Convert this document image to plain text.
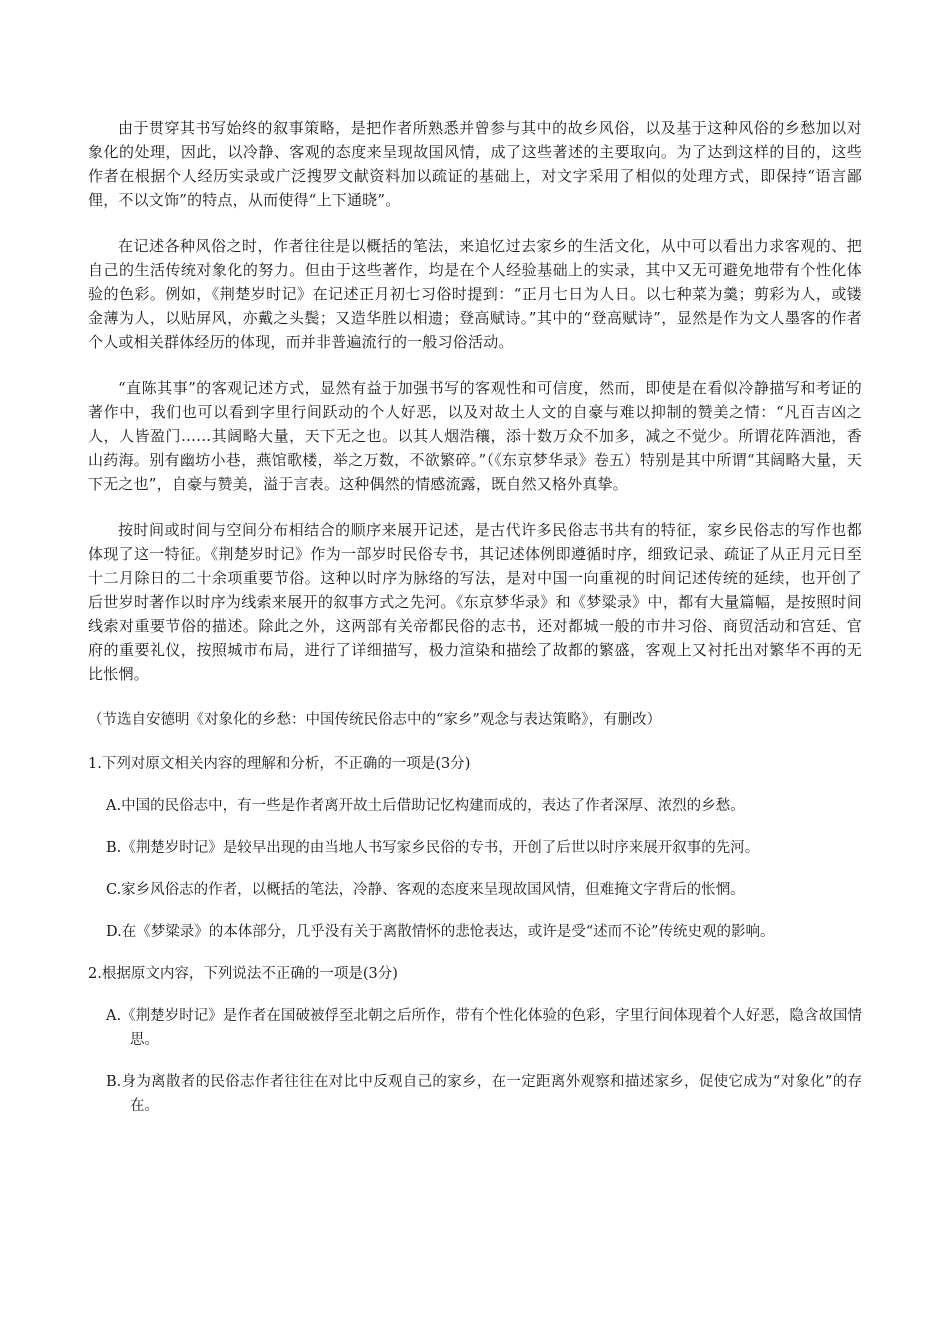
由于贯穿其书写始终的叙事策略，是把作者所熟悉并曾参与其中的故乡风俗，以及基于这种风俗的乡愁加以对象化的处理，因此，以冷静、客观的态度来呈现故国风情，成了这些著述的主要取向。为了达到这样的目的，这些作者在根据个人经历实录或广泛搜罗文献资料加以疏证的基础上，对文字采用了相似的处理方式，即保持“语言鄙俚，不以文饰”的特点，从而使得“上下通晓”。

在记述各种风俗之时，作者往往是以概括的笔法，来追忆过去家乡的生活文化，从中可以看出力求客观的、把自己的生活传统对象化的努力。但由于这些著作，均是在个人经验基础上的实录，其中又无可避免地带有个性化体验的色彩。例如，《荆楚岁时记》在记述正月初七习俗时提到：“正月七日为人日。以七种菜为羹；剪彩为人，或镂金薄为人，以贴屏风，亦戴之头鬓；又造华胜以相遗；登高赋诗。”其中的“登高赋诗”，显然是作为文人墨客的作者个人或相关群体经历的体现，而并非普遍流行的一般习俗活动。

“直陈其事”的客观记述方式，显然有益于加强书写的客观性和可信度，然而，即使是在看似冷静描写和考证的著作中，我们也可以看到字里行间跃动的个人好恶，以及对故土人文的自豪与难以抑制的赞美之情：“凡百吉凶之人，人皆盈门……其阔略大量，天下无之也。以其人烟浩穰，添十数万众不加多，减之不觉少。所谓花阵酒池，香山药海。别有幽坊小巷，燕馆歌楼，举之万数，不欲繁碎。”（《东京梦华录》卷五）特别是其中所谓“其阔略大量，天下无之也”，自豪与赞美，溢于言表。这种偶然的情感流露，既自然又格外真挚。

按时间或时间与空间分布相结合的顺序来展开记述，是古代许多民俗志书共有的特征，家乡民俗志的写作也都体现了这一特征。《荆楚岁时记》作为一部岁时民俗专书，其记述体例即遵循时序，细致记录、疏证了从正月元日至十二月除日的二十余项重要节俗。这种以时序为脉络的写法，是对中国一向重视的时间记述传统的延续，也开创了后世岁时著作以时序为线索来展开的叙事方式之先河。《东京梦华录》和《梦粱录》中，都有大量篇幅，是按照时间线索对重要节俗的描述。除此之外，这两部有关帝都民俗的志书，还对都城一般的市井习俗、商贸活动和宫廷、官府的重要礼仪，按照城市布局，进行了详细描写，极力渲染和描绘了故都的繁盛，客观上又衬托出对繁华不再的无比怅惘。

（节选自安德明《对象化的乡愁：中国传统民俗志中的“家乡”观念与表达策略》，有删改）

1.下列对原文相关内容的理解和分析，不正确的一项是(3分)

A.中国的民俗志中，有一些是作者离开故土后借助记忆构建而成的，表达了作者深厚、浓烈的乡愁。

B.《荆楚岁时记》是较早出现的由当地人书写家乡民俗的专书，开创了后世以时序来展开叙事的先河。

C.家乡风俗志的作者，以概括的笔法，冷静、客观的态度来呈现故国风情，但难掩文字背后的怅惘。

D.在《梦粱录》的本体部分，几乎没有关于离散情怀的悲怆表达，或许是受“述而不论”传统史观的影响。

2.根据原文内容，下列说法不正确的一项是(3分)

A.《荆楚岁时记》是作者在国破被俘至北朝之后所作，带有个性化体验的色彩，字里行间体现着个人好恶，隐含故国情思。

B.身为离散者的民俗志作者往往在对比中反观自己的家乡，在一定距离外观察和描述家乡，促使它成为“对象化”的存在。
